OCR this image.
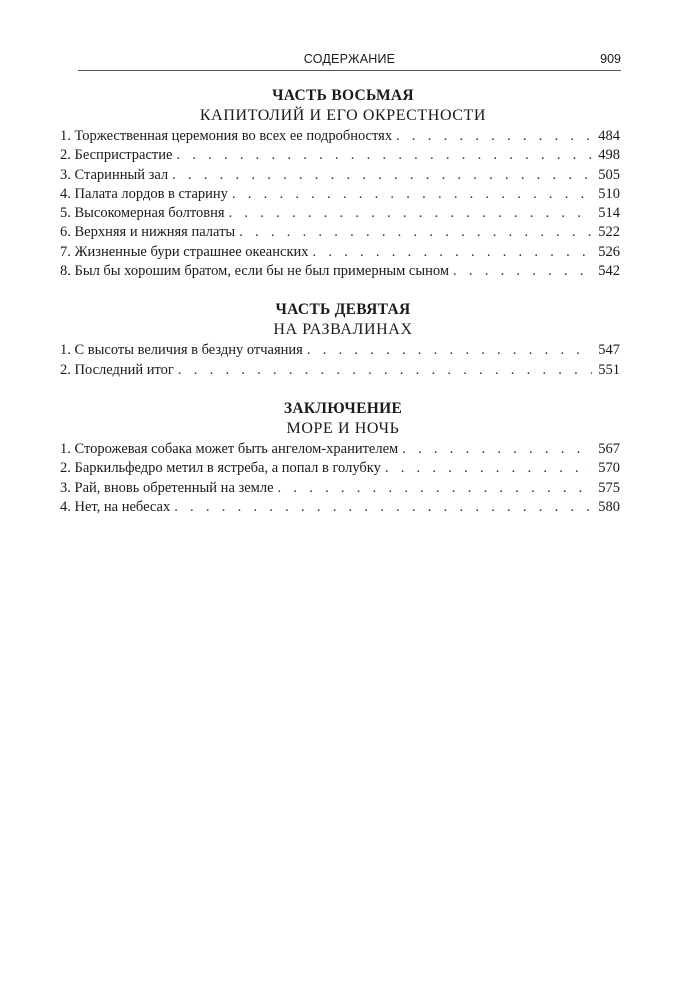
СОДЕРЖАНИЕ	909
ЧАСТЬ ВОСЬМАЯ
КАПИТОЛИЙ И ЕГО ОКРЕСТНОСТИ
1. Торжественная церемония во всех ее подробностях . . .	484
2. Беспристрастие . . .	498
3. Старинный зал . . .	505
4. Палата лордов в старину . . .	510
5. Высокомерная болтовня . . .	514
6. Верхняя и нижняя палаты . . .	522
7. Жизненные бури страшнее океанских . . .	526
8. Был бы хорошим братом, если бы не был примерным сыном . . .	542
ЧАСТЬ ДЕВЯТАЯ
НА РАЗВАЛИНАХ
1. С высоты величия в бездну отчаяния . . .	547
2. Последний итог . . .	551
ЗАКЛЮЧЕНИЕ
МОРЕ И НОЧЬ
1. Сторожевая собака может быть ангелом-хранителем . . .	567
2. Баркильфедро метил в ястреба, а попал в голубку . . .	570
3. Рай, вновь обретенный на земле . . .	575
4. Нет, на небесах . . .	580
